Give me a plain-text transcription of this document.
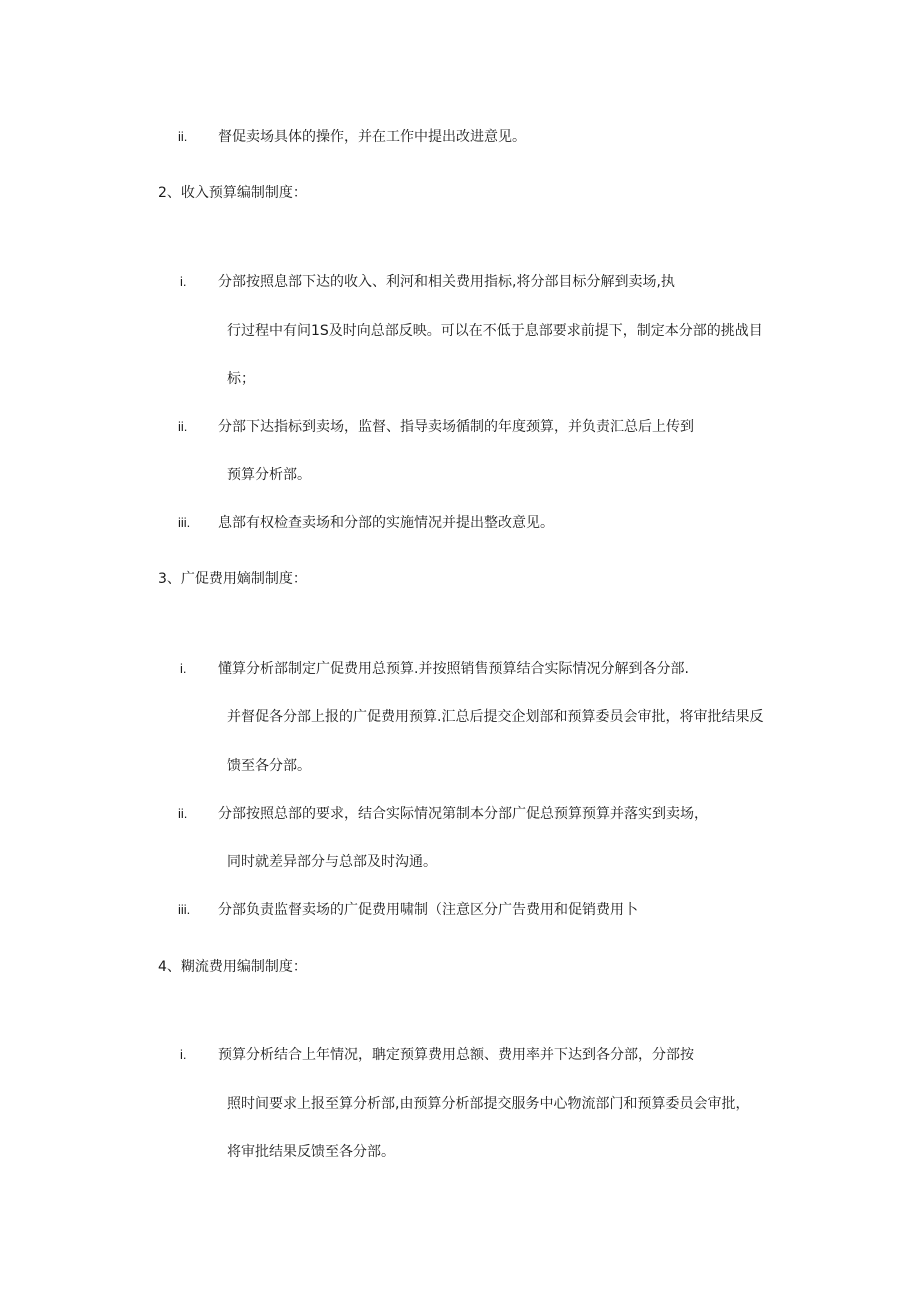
ii. 督促卖场具体的操作，并在工作中提出改进意见。
2、收入预算编制制度：
i. 分部按照息部下达的收入、利河和相关费用指标,将分部目标分解到卖场,执
行过程中有问1S及时向总部反映。可以在不低于息部要求前提下，制定本分部的挑战目
标；
ii. 分部下达指标到卖场，监督、指导卖场循制的年度颈算，并负责汇总后上传到
预算分析部。
iii. 息部有权检查卖场和分部的实施情况并提出整改意见。
3、广促费用嫡制制度：
i. 懂算分析部制定广促费用总预算.并按照销售预算结合实际情况分解到各分部.
并督促各分部上报的广促费用预算.汇总后提交企划部和预算委员会审批，将审批结果反
馈至各分部。
ii. 分部按照总部的要求，结合实际情况第制本分部广促总预算预算并落实到卖场，
同时就差异部分与总部及时沟通。
iii. 分部负责监督卖场的广促费用啸制（注意区分广告费用和促销费用卜
4、糊流费用编制制度：
i. 预算分析结合上年情况，聃定预算费用总额、费用率并下达到各分部，分部按
照时间要求上报至算分析部,由预算分析部提交服务中心物流部门和预算委员会审批，
将审批结果反馈至各分部。
